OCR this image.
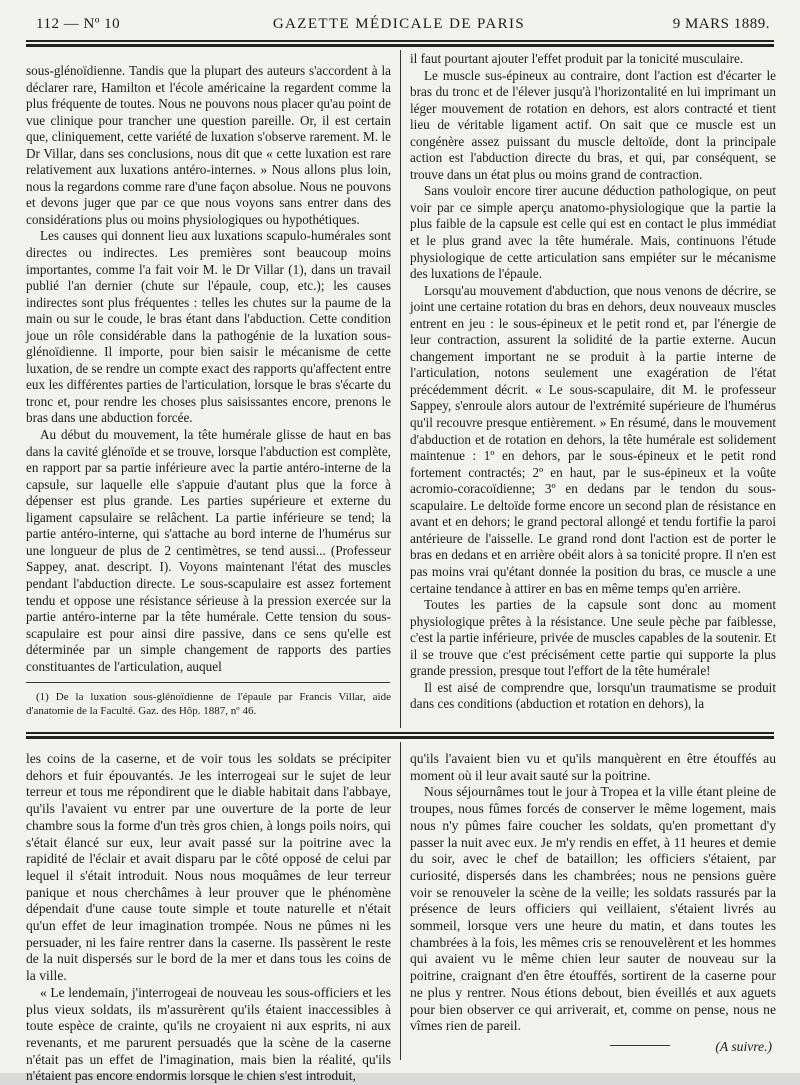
112 — Nº 10	GAZETTE MÉDICALE DE PARIS	9 MARS 1889.

sous-glénoïdienne. Tandis que la plupart des auteurs s'accordent à la déclarer rare, Hamilton et l'école américaine la regardent comme la plus fréquente de toutes. Nous ne pouvons nous placer qu'au point de vue clinique pour trancher une question pareille. Or, il est certain que, cliniquement, cette variété de luxation s'observe rarement. M. le Dr Villar, dans ses conclusions, nous dit que « cette luxation est rare relativement aux luxations antéro-internes. » Nous allons plus loin, nous la regardons comme rare d'une façon absolue. Nous ne pouvons et devons juger que par ce que nous voyons sans entrer dans des considérations plus ou moins physiologiques ou hypothétiques.

Les causes qui donnent lieu aux luxations scapulo-humérales sont directes ou indirectes. Les premières sont beaucoup moins importantes, comme l'a fait voir M. le Dr Villar (1), dans un travail publié l'an dernier (chute sur l'épaule, coup, etc.); les causes indirectes sont plus fréquentes : telles les chutes sur la paume de la main ou sur le coude, le bras étant dans l'abduction. Cette condition joue un rôle considérable dans la pathogénie de la luxation sous-glénoïdienne. Il importe, pour bien saisir le mécanisme de cette luxation, de se rendre un compte exact des rapports qu'affectent entre eux les différentes parties de l'articulation, lorsque le bras s'écarte du tronc et, pour rendre les choses plus saisissantes encore, prenons le bras dans une abduction forcée.

Au début du mouvement, la tête humérale glisse de haut en bas dans la cavité glénoïde et se trouve, lorsque l'abduction est complète, en rapport par sa partie inférieure avec la partie antéro-interne de la capsule, sur laquelle elle s'appuie d'autant plus que la force à dépenser est plus grande. Les parties supérieure et externe du ligament capsulaire se relâchent. La partie inférieure se tend; la partie antéro-interne, qui s'attache au bord interne de l'humérus sur une longueur de plus de 2 centimètres, se tend aussi... (Professeur Sappey, anat. descript. I). Voyons maintenant l'état des muscles pendant l'abduction directe. Le sous-scapulaire est assez fortement tendu et oppose une résistance sérieuse à la pression exercée sur la partie antéro-interne par la tête humérale. Cette tension du sous-scapulaire est pour ainsi dire passive, dans ce sens qu'elle est déterminée par un simple changement de rapports des parties constituantes de l'articulation, auquel

(1) De la luxation sous-glénoïdienne de l'épaule par Francis Villar, aide d'anatomie de la Faculté. Gaz. des Hôp. 1887, nº 46.

il faut pourtant ajouter l'effet produit par la tonicité musculaire.

Le muscle sus-épineux au contraire, dont l'action est d'écarter le bras du tronc et de l'élever jusqu'à l'horizontalité en lui imprimant un léger mouvement de rotation en dehors, est alors contracté et tient lieu de véritable ligament actif. On sait que ce muscle est un congénère assez puissant du muscle deltoïde, dont la principale action est l'abduction directe du bras, et qui, par conséquent, se trouve dans un état plus ou moins grand de contraction.

Sans vouloir encore tirer aucune déduction pathologique, on peut voir par ce simple aperçu anatomo-physiologique que la partie la plus faible de la capsule est celle qui est en contact le plus immédiat et le plus grand avec la tête humérale. Mais, continuons l'étude physiologique de cette articulation sans empiéter sur le mécanisme des luxations de l'épaule.

Lorsqu'au mouvement d'abduction, que nous venons de décrire, se joint une certaine rotation du bras en dehors, deux nouveaux muscles entrent en jeu : le sous-épineux et le petit rond et, par l'énergie de leur contraction, assurent la solidité de la partie externe. Aucun changement important ne se produit à la partie interne de l'articulation, notons seulement une exagération de l'état précédemment décrit. « Le sous-scapulaire, dit M. le professeur Sappey, s'enroule alors autour de l'extrémité supérieure de l'humérus qu'il recouvre presque entièrement. » En résumé, dans le mouvement d'abduction et de rotation en dehors, la tête humérale est solidement maintenue : 1º en dehors, par le sous-épineux et le petit rond fortement contractés; 2º en haut, par le sus-épineux et la voûte acromio-coracoïdienne; 3º en dedans par le tendon du sous-scapulaire. Le deltoïde forme encore un second plan de résistance en avant et en dehors; le grand pectoral allongé et tendu fortifie la paroi antérieure de l'aisselle. Le grand rond dont l'action est de porter le bras en dedans et en arrière obéit alors à sa tonicité propre. Il n'en est pas moins vrai qu'étant donnée la position du bras, ce muscle a une certaine tendance à attirer en bas en même temps qu'en arrière.

Toutes les parties de la capsule sont donc au moment physiologique prêtes à la résistance. Une seule pèche par faiblesse, c'est la partie inférieure, privée de muscles capables de la soutenir. Et il se trouve que c'est précisément cette partie qui supporte la plus grande pression, presque tout l'effort de la tête humérale!

Il est aisé de comprendre que, lorsqu'un traumatisme se produit dans ces conditions (abduction et rotation en dehors), la

les coins de la caserne, et de voir tous les soldats se précipiter dehors et fuir épouvantés. Je les interrogeai sur le sujet de leur terreur et tous me répondirent que le diable habitait dans l'abbaye, qu'ils l'avaient vu entrer par une ouverture de la porte de leur chambre sous la forme d'un très gros chien, à longs poils noirs, qui s'était élancé sur eux, leur avait passé sur la poitrine avec la rapidité de l'éclair et avait disparu par le côté opposé de celui par lequel il s'était introduit. Nous nous moquâmes de leur terreur panique et nous cherchâmes à leur prouver que le phénomène dépendait d'une cause toute simple et toute naturelle et n'était qu'un effet de leur imagination trompée. Nous ne pûmes ni les persuader, ni les faire rentrer dans la caserne. Ils passèrent le reste de la nuit dispersés sur le bord de la mer et dans tous les coins de la ville.

« Le lendemain, j'interrogeai de nouveau les sous-officiers et les plus vieux soldats, ils m'assurèrent qu'ils étaient inaccessibles à toute espèce de crainte, qu'ils ne croyaient ni aux esprits, ni aux revenants, et me parurent persuadés que la scène de la caserne n'était pas un effet de l'imagination, mais bien la réalité, qu'ils n'étaient pas encore endormis lorsque le chien s'est introduit,

qu'ils l'avaient bien vu et qu'ils manquèrent en être étouffés au moment où il leur avait sauté sur la poitrine.

Nous séjournâmes tout le jour à Tropea et la ville étant pleine de troupes, nous fûmes forcés de conserver le même logement, mais nous n'y pûmes faire coucher les soldats, qu'en promettant d'y passer la nuit avec eux. Je m'y rendis en effet, à 11 heures et demie du soir, avec le chef de bataillon; les officiers s'étaient, par curiosité, dispersés dans les chambrées; nous ne pensions guère voir se renouveler la scène de la veille; les soldats rassurés par la présence de leurs officiers qui veillaient, s'étaient livrés au sommeil, lorsque vers une heure du matin, et dans toutes les chambrées à la fois, les mêmes cris se renouvelèrent et les hommes qui avaient vu le même chien leur sauter de nouveau sur la poitrine, craignant d'en être étouffés, sortirent de la caserne pour ne plus y rentrer. Nous étions debout, bien éveillés et aux aguets pour bien observer ce qui arriverait, et, comme on pense, nous ne vîmes rien de pareil.

(A suivre.)
